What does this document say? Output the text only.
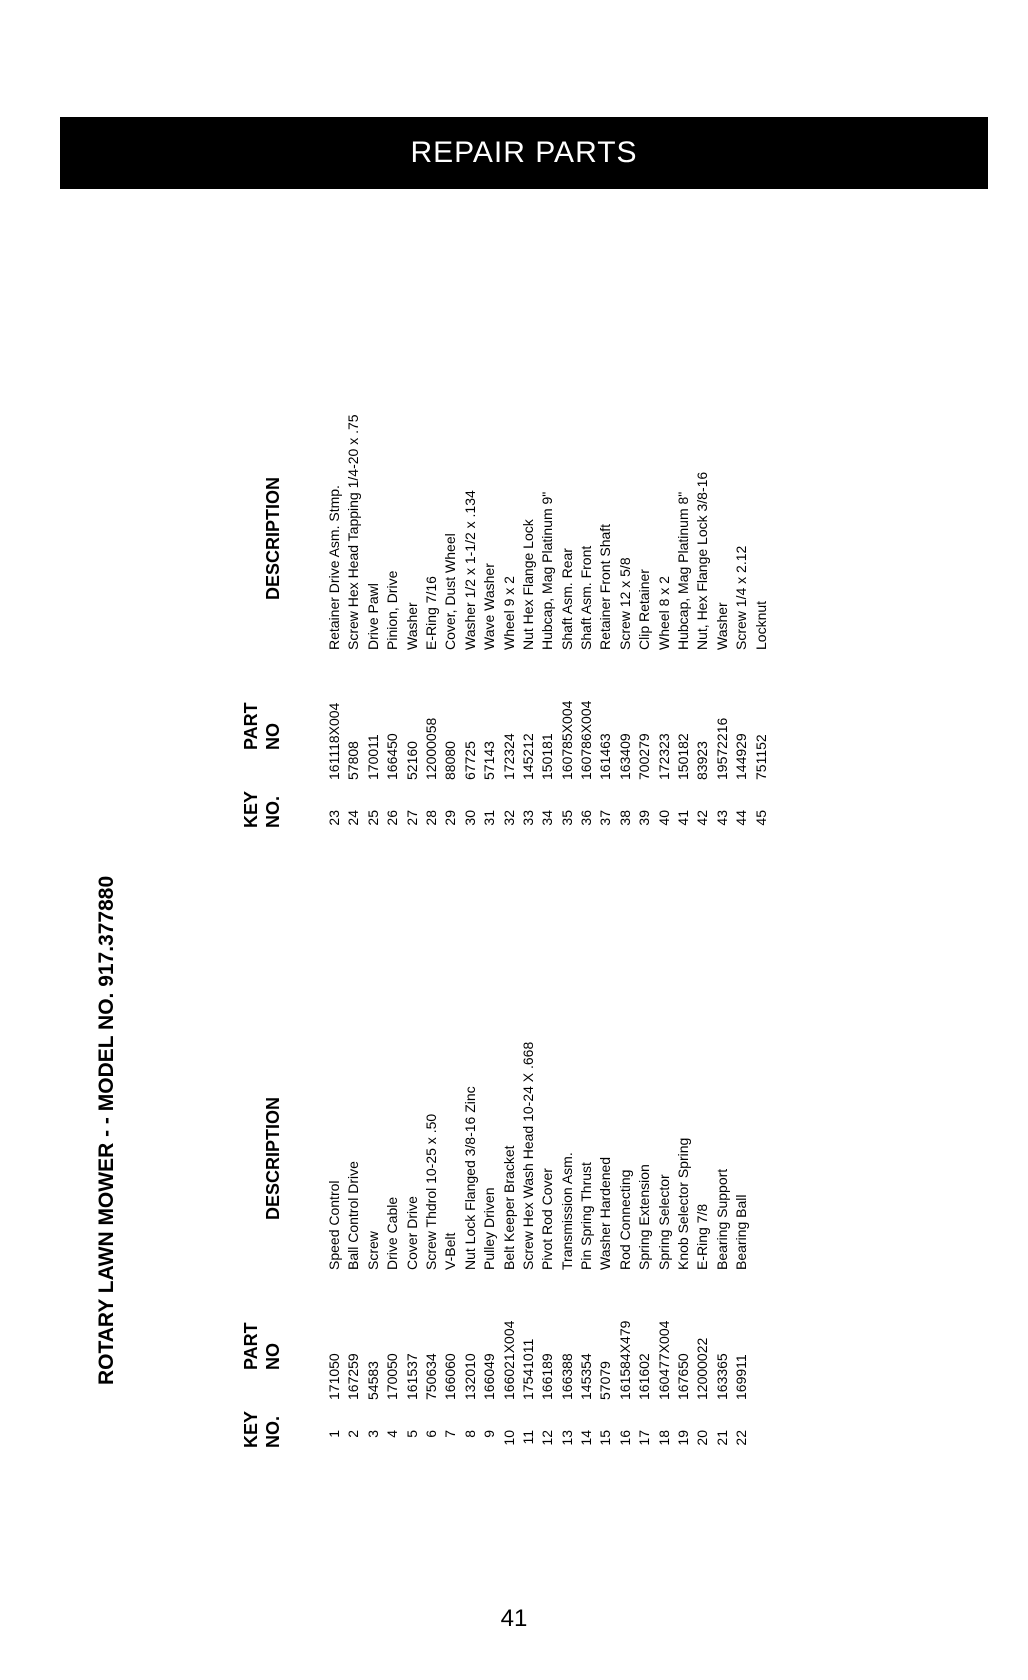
REPAIR PARTS
ROTARY LAWN MOWER - - MODEL NO. 917.377880
KEY NO.
PART NO
DESCRIPTION
1
171050
Speed Control
2
167259
Ball Control Drive
3
54583
Screw
4
170050
Drive Cable
5
161537
Cover Drive
6
750634
Screw Thdrol 10-25 x .50
7
166060
V-Belt
8
132010
Nut Lock Flanged 3/8-16 Zinc
9
166049
Pulley Driven
10
166021X004
Belt Keeper Bracket
11
17541011
Screw Hex Wash Head 10-24 X .668
12
166189
Pivot Rod Cover
13
166388
Transmission Asm.
14
145354
Pin Spring Thrust
15
57079
Washer Hardened
16
161584X479
Rod Connecting
17
161602
Spring Extension
18
160477X004
Spring Selector
19
167650
Knob Selector Spring
20
12000022
E-Ring 7/8
21
163365
Bearing Support
22
169911
Bearing Ball
KEY NO.
PART NO
DESCRIPTION
23
161118X004
Retainer Drive Asm. Stmp.
24
57808
Screw Hex Head Tapping 1/4-20 x .75
25
170011
Drive Pawl
26
166450
Pinion, Drive
27
52160
Washer
28
12000058
E-Ring 7/16
29
88080
Cover, Dust Wheel
30
67725
Washer 1/2 x 1-1/2 x .134
31
57143
Wave Washer
32
172324
Wheel 9 x 2
33
145212
Nut Hex Flange Lock
34
150181
Hubcap, Mag Platinum 9"
35
160785X004
Shaft Asm. Rear
36
160786X004
Shaft Asm. Front
37
161463
Retainer Front Shaft
38
163409
Screw 12 x 5/8
39
700279
Clip Retainer
40
172323
Wheel 8 x 2
41
150182
Hubcap, Mag Platinum 8"
42
83923
Nut, Hex Flange Lock 3/8-16
43
19572216
Washer
44
144929
Screw 1/4 x 2.12
45
751152
Locknut
41
